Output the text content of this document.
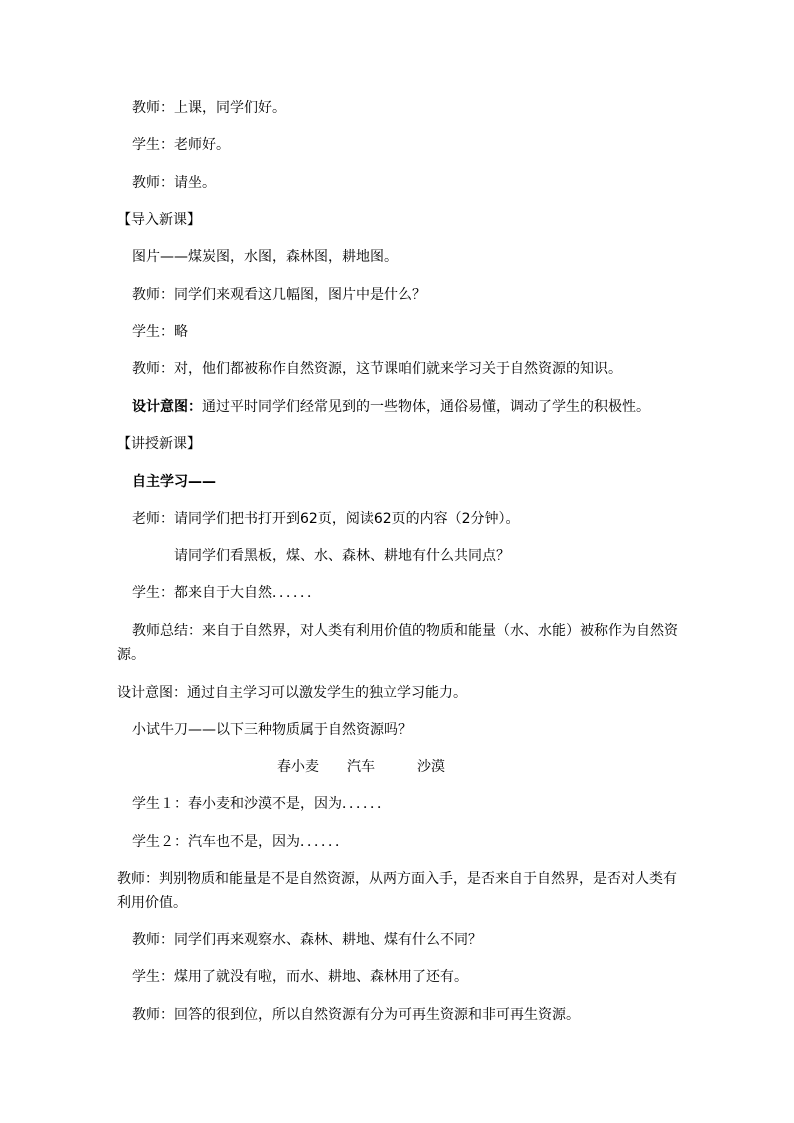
教师：上课，同学们好。
学生：老师好。
教师：请坐。
【导入新课】
图片——煤炭图，水图，森林图，耕地图。
教师：同学们来观看这几幅图，图片中是什么？
学生：略
教师：对，他们都被称作自然资源，这节课咱们就来学习关于自然资源的知识。
设计意图：通过平时同学们经常见到的一些物体，通俗易懂，调动了学生的积极性。
【讲授新课】
自主学习——
老师：请同学们把书打开到62页，阅读62页的内容（2分钟）。
请同学们看黑板，煤、水、森林、耕地有什么共同点？
学生：都来自于大自然．．．．．．
教师总结：来自于自然界，对人类有利用价值的物质和能量（水、水能）被称作为自然资
源。
设计意图：通过自主学习可以激发学生的独立学习能力。
小试牛刀——以下三种物质属于自然资源吗？
春小麦 汽车	沙漠
学生１：春小麦和沙漠不是，因为．．．．．．
学生２：汽车也不是，因为．．．．．．
教师：判别物质和能量是不是自然资源，从两方面入手，是否来自于自然界，是否对人类有
利用价值。
教师：同学们再来观察水、森林、耕地、煤有什么不同？
学生：煤用了就没有啦，而水、耕地、森林用了还有。
教师：回答的很到位，所以自然资源有分为可再生资源和非可再生资源。
